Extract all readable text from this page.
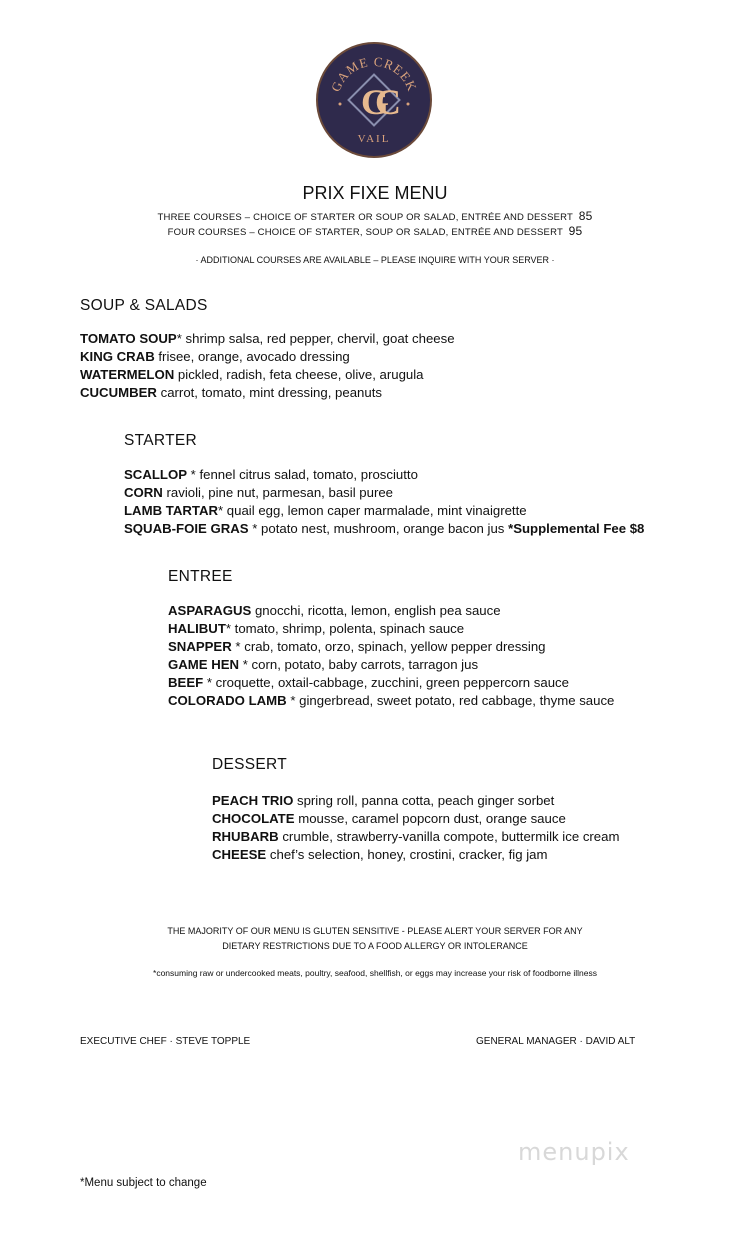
GAME CREEK
GC
VAIL
PRIX FIXE MENU
THREE COURSES – CHOICE OF STARTER OR SOUP OR SALAD, ENTRÉE AND DESSERT 85
FOUR COURSES – CHOICE OF STARTER, SOUP OR SALAD, ENTRÉE AND DESSERT 95
· ADDITIONAL COURSES ARE AVAILABLE – PLEASE INQUIRE WITH YOUR SERVER ·
SOUP & SALADS
TOMATO SOUP* shrimp salsa, red pepper, chervil, goat cheese
KING CRAB frisee, orange, avocado dressing
WATERMELON pickled, radish, feta cheese, olive, arugula
CUCUMBER carrot, tomato, mint dressing, peanuts
STARTER
SCALLOP * fennel citrus salad, tomato, prosciutto
CORN ravioli, pine nut, parmesan, basil puree
LAMB TARTAR* quail egg, lemon caper marmalade, mint vinaigrette
SQUAB-FOIE GRAS * potato nest, mushroom, orange bacon jus *Supplemental Fee $8
ENTREE
ASPARAGUS gnocchi, ricotta, lemon, english pea sauce
HALIBUT* tomato, shrimp, polenta, spinach sauce
SNAPPER * crab, tomato, orzo, spinach, yellow pepper dressing
GAME HEN * corn, potato, baby carrots, tarragon jus
BEEF * croquette, oxtail-cabbage, zucchini, green peppercorn sauce
COLORADO LAMB * gingerbread, sweet potato, red cabbage, thyme sauce
DESSERT
PEACH TRIO spring roll, panna cotta, peach ginger sorbet
CHOCOLATE mousse, caramel popcorn dust, orange sauce
RHUBARB crumble, strawberry-vanilla compote, buttermilk ice cream
CHEESE chef’s selection, honey, crostini, cracker, fig jam
THE MAJORITY OF OUR MENU IS GLUTEN SENSITIVE - PLEASE ALERT YOUR SERVER FOR ANY
DIETARY RESTRICTIONS DUE TO A FOOD ALLERGY OR INTOLERANCE
*consuming raw or undercooked meats, poultry, seafood, shellfish, or eggs may increase your risk of foodborne illness
EXECUTIVE CHEF · STEVE TOPPLE	GENERAL MANAGER · DAVID ALT
menupix
*Menu subject to change
